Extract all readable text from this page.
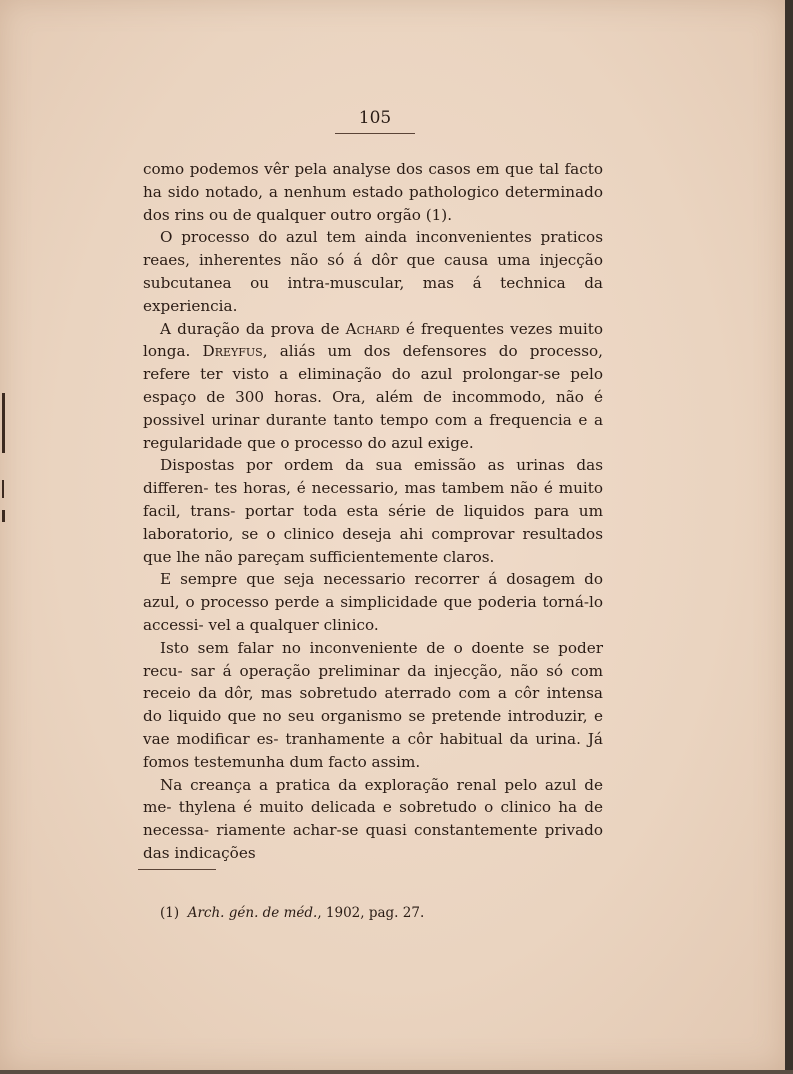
105

como podemos vêr pela analyse dos casos em que tal facto ha sido notado, a nenhum estado pathologico determinado dos rins ou de qualquer outro orgão (1).

O processo do azul tem ainda inconvenientes praticos reaes, inherentes não só á dôr que causa uma injecção subcutanea ou intra-muscular, mas á technica da experiencia.

A duração da prova de Achard é frequentes vezes muito longa. Dreyfus, aliás um dos defensores do processo, refere ter visto a eliminação do azul prolongar-se pelo espaço de 300 horas. Ora, além de incommodo, não é possivel urinar durante tanto tempo com a frequencia e a regularidade que o processo do azul exige.

Dispostas por ordem da sua emissão as urinas das differen- tes horas, é necessario, mas tambem não é muito facil, trans- portar toda esta série de liquidos para um laboratorio, se o clinico deseja ahi comprovar resultados que lhe não pareçam sufficientemente claros.

E sempre que seja necessario recorrer á dosagem do azul, o processo perde a simplicidade que poderia torná-lo accessi- vel a qualquer clinico.

Isto sem falar no inconveniente de o doente se poder recu- sar á operação preliminar da injecção, não só com receio da dôr, mas sobretudo aterrado com a côr intensa do liquido que no seu organismo se pretende introduzir, e vae modificar es- tranhamente a côr habitual da urina. Já fomos testemunha dum facto assim.

Na creança a pratica da exploração renal pelo azul de me- thylena é muito delicada e sobretudo o clinico ha de necessa- riamente achar-se quasi constantemente privado das indicações

(1) Arch. gén. de méd., 1902, pag. 27.
